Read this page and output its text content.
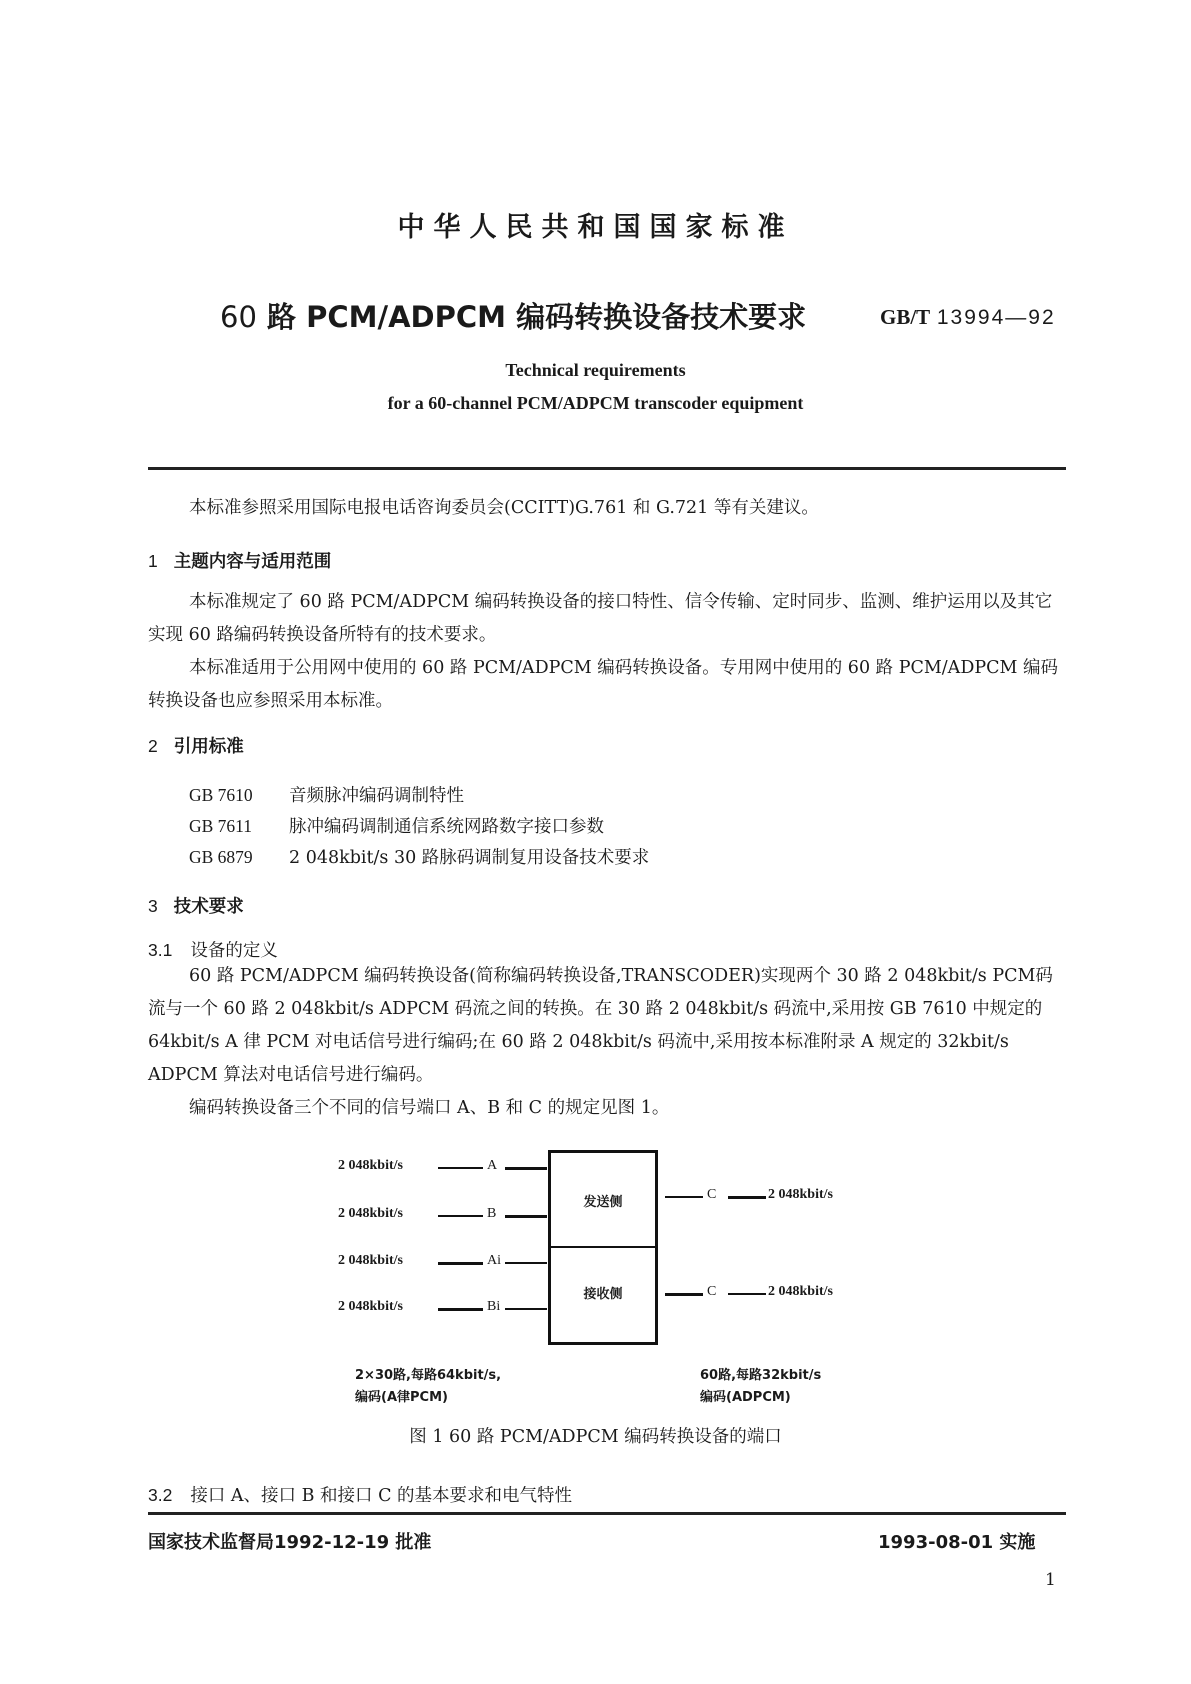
中华人民共和国国家标准
60 路 PCM/ADPCM 编码转换设备技术要求	GB/T 13994—92
Technical requirements
for a 60-channel PCM/ADPCM transcoder equipment
本标准参照采用国际电报电话咨询委员会(CCITT)G.761 和 G.721 等有关建议。
1 主题内容与适用范围
本标准规定了 60 路 PCM/ADPCM 编码转换设备的接口特性、信令传输、定时同步、监测、维护运用以及其它实现 60 路编码转换设备所特有的技术要求。
本标准适用于公用网中使用的 60 路 PCM/ADPCM 编码转换设备。专用网中使用的 60 路 PCM/ADPCM 编码转换设备也应参照采用本标准。
2 引用标准
GB 7610 音频脉冲编码调制特性
GB 7611 脉冲编码调制通信系统网路数字接口参数
GB 6879 2 048kbit/s 30 路脉码调制复用设备技术要求
3 技术要求
3.1 设备的定义
60 路 PCM/ADPCM 编码转换设备(简称编码转换设备,TRANSCODER)实现两个 30 路 2 048kbit/s PCM码流与一个 60 路 2 048kbit/s ADPCM 码流之间的转换。在 30 路 2 048kbit/s 码流中,采用按 GB 7610 中规定的 64kbit/s A 律 PCM 对电话信号进行编码;在 60 路 2 048kbit/s 码流中,采用按本标准附录 A 规定的 32kbit/s ADPCM 算法对电话信号进行编码。
编码转换设备三个不同的信号端口 A、B 和 C 的规定见图 1。
2 048kbit/s	A
2 048kbit/s	B
2 048kbit/s	Ai
2 048kbit/s	Bi
发送侧
接收侧
C	2 048kbit/s
C	2 048kbit/s
2×30路,每路64kbit/s,
编码(A律PCM)
60路,每路32kbit/s
编码(ADPCM)
图 1 60 路 PCM/ADPCM 编码转换设备的端口
3.2 接口 A、接口 B 和接口 C 的基本要求和电气特性
国家技术监督局1992-12-19 批准	1993-08-01 实施
1
